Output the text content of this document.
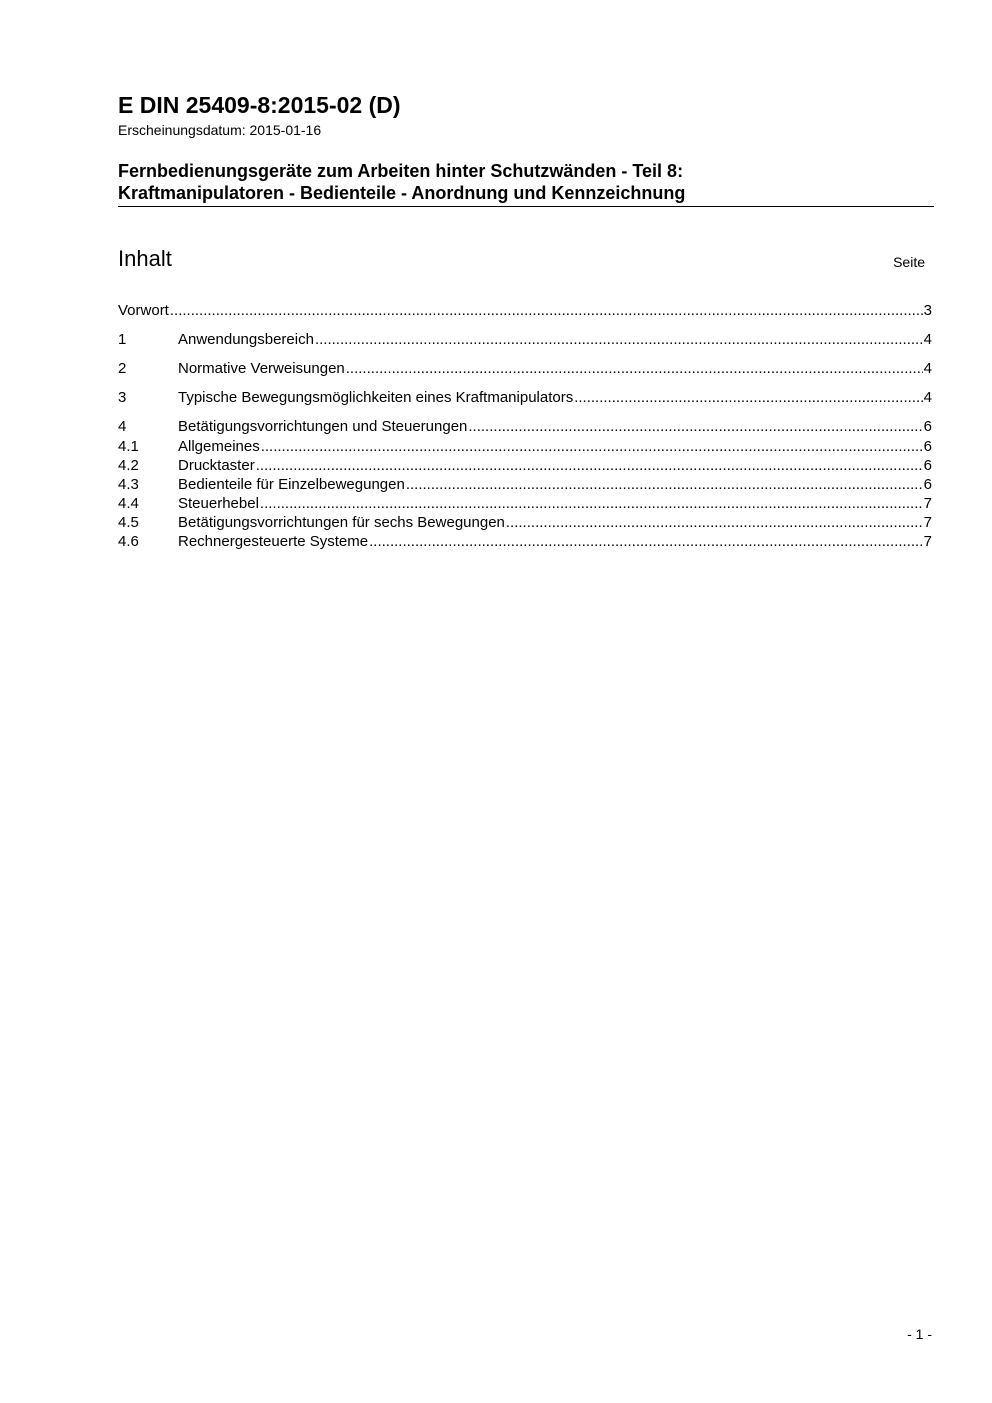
E DIN 25409-8:2015-02 (D)
Erscheinungsdatum: 2015-01-16
Fernbedienungsgeräte zum Arbeiten hinter Schutzwänden - Teil 8:
Kraftmanipulatoren - Bedienteile - Anordnung und Kennzeichnung
Inhalt	Seite
Vorwort .....	3
1	Anwendungsbereich .....	4
2	Normative Verweisungen .....	4
3	Typische Bewegungsmöglichkeiten eines Kraftmanipulators .....	4
4	Betätigungsvorrichtungen und Steuerungen .....	6
4.1	Allgemeines .....	6
4.2	Drucktaster .....	6
4.3	Bedienteile für Einzelbewegungen .....	6
4.4	Steuerhebel .....	7
4.5	Betätigungsvorrichtungen für sechs Bewegungen .....	7
4.6	Rechnergesteuerte Systeme .....	7
- 1 -
